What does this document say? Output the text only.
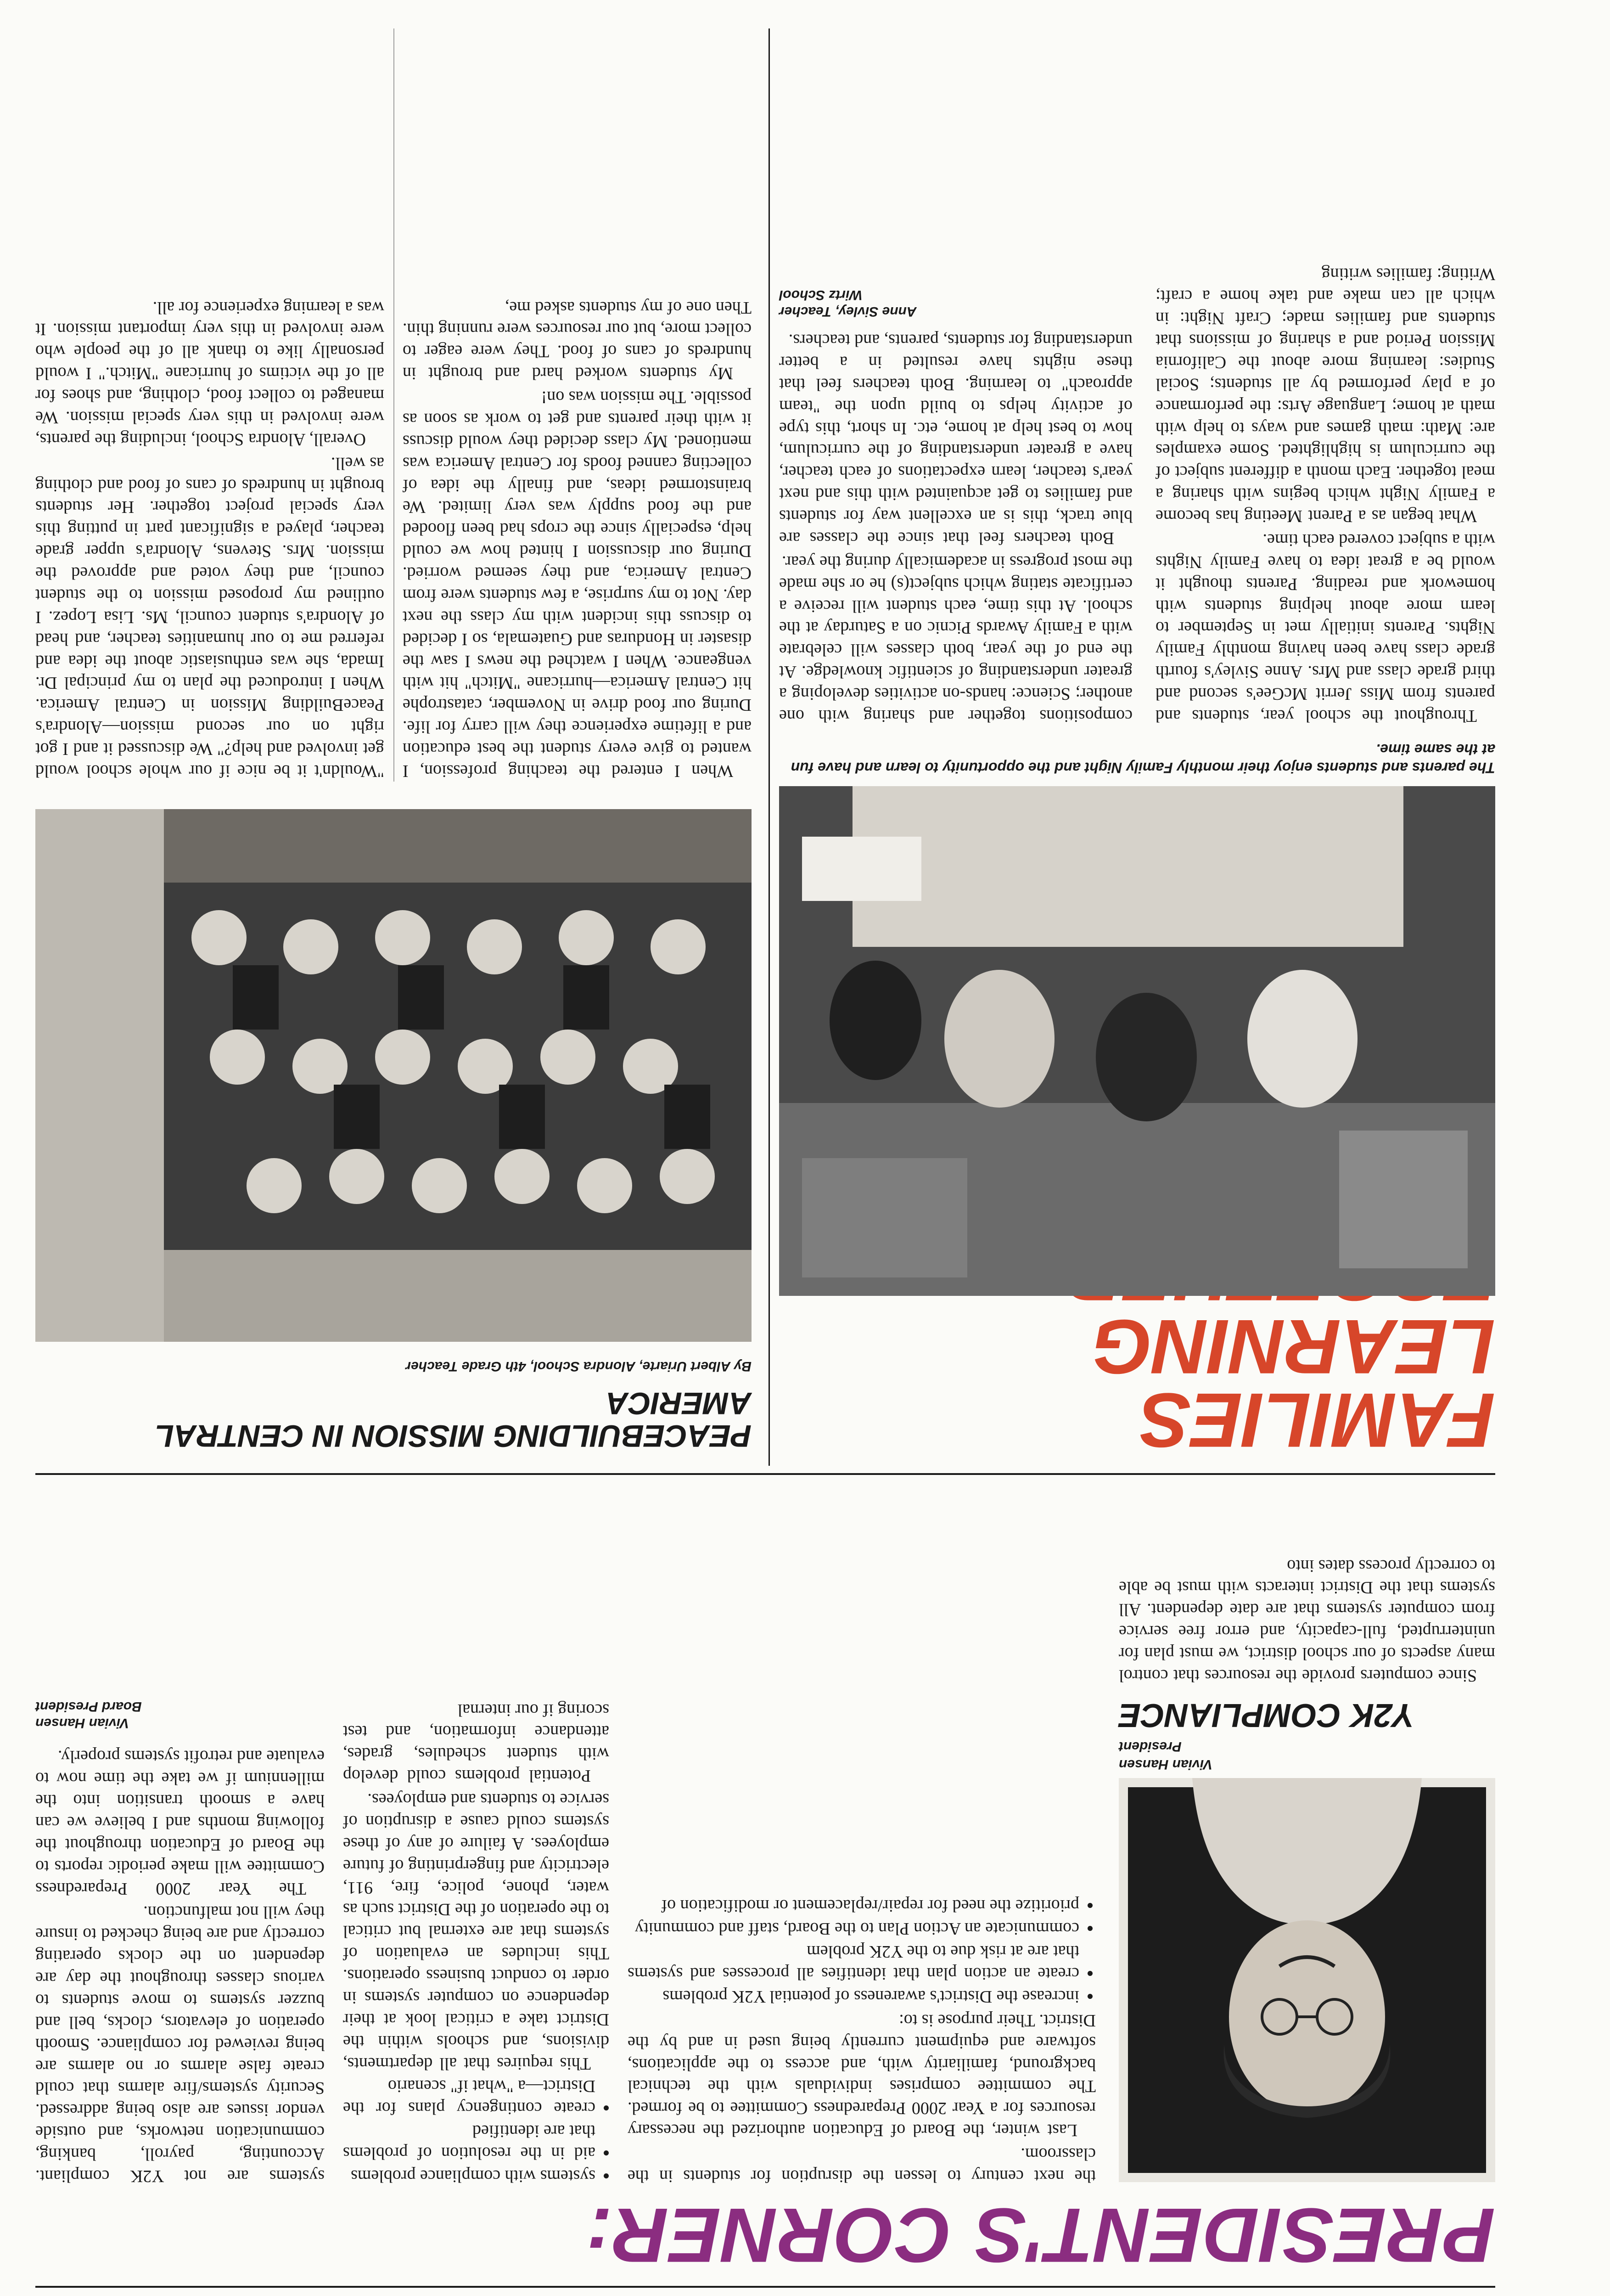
PRESIDENT'S CORNER:
Vivian Hansen
President
Y2K COMPLIANCE

Since computers provide the resources that control many aspects of our school district, we must plan for uninterrupted, full-capacity, and error free service from computer systems that are date dependent. All systems that the District interacts with must be able to correctly process dates into

the next century to lessen the disruption for students in the classroom.

Last winter, the Board of Education authorized the necessary resources for a Year 2000 Preparedness Committee to be formed. The committee comprises individuals with the technical background, familiarity with, and access to the applications, software and equipment currently being used in and by the District. Their purpose is to:

• increase the District's awareness of potential Y2K problems
• create an action plan that identifies all processes and systems that are at risk due to the Y2K problem
• communicate an Action Plan to the Board, staff and community
• prioritize the need for repair/replacement or modification of
• systems with compliance problems
• aid in the resolution of problems that are identified
• create contingency plans for the District—a "what if" scenario

This requires that all departments, divisions, and schools within the District take a critical look at their dependence on computer systems in order to conduct business operations. This includes an evaluation of systems that are external but critical to the operation of the District such as water, phone, police, fire, 911, electricity and fingerprinting of future employees. A failure of any of these systems could cause a disruption of service to students and employees.

Potential problems could develop with student schedules, grades, attendance information, and test scoring if our internal

systems are not Y2K compliant. Accounting, payroll, banking, communication networks, and outside vendor issues are also being addressed. Security systems/fire alarms that could create false alarms or no alarms are being reviewed for compliance. Smooth operation of elevators, clocks, bell and buzzer systems to move students to various classes throughout the day are dependent on the clocks operating correctly and are being checked to insure they will not malfunction.

The Year 2000 Preparedness Committee will make periodic reports to the Board of Education throughout the following months and I believe we can have a smooth transition into the millennium if we take the time now to evaluate and retrofit systems properly.

Vivian Hansen
Board President
FAMILIES LEARNING
The parents and students enjoy their monthly Family Night and the opportunity to learn and have fun at the same time.

Throughout the school year, students and parents from Miss Jerrit McGee's second and third grade class and Mrs. Anne Sivley's fourth grade class have been having monthly Family Nights. Parents initially met in September to learn more about helping students with homework and reading. Parents thought it would be a great idea to have Family Nights with a subject covered each time.

What began as a Parent Meeting has become a Family Night which begins with sharing a meal together. Each month a different subject of the curriculum is highlighted. Some examples are: Math: math games and ways to help with math at home; Language Arts: the performance of a play performed by all students; Social Studies: learning more about the California Mission Period and a sharing of missions that students and families made; Craft Night: in which all can make and take home a craft; Writing: families writing

compositions together and sharing with one another; Science: hands-on activities developing a greater understanding of scientific knowledge. At the end of the year, both classes will celebrate with a Family Awards Picnic on a Saturday at the school. At this time, each student will receive a certificate stating which subject(s) he or she made the most progress in academically during the year.

Both teachers feel that since the classes are blue track, this is an excellent way for students and families to get acquainted with this and next year's teacher, learn expectations of each teacher, have a greater understanding of the curriculum, how to best help at home, etc. In short, this type of activity helps to build upon the "team approach" to learning. Both teachers feel that these nights have resulted in a better understanding for students, parents, and teachers.

Anne Sivley, Teacher
Wirtz School
PEACEBUILDING MISSION IN CENTRAL
AMERICA
By Albert Uriarte, Alondra School, 4th Grade Teacher

When I entered the teaching profession, I wanted to give every student the best education and a lifetime experience they will carry for life. During our food drive in November, catastrophe hit Central America—hurricane "Mitch" hit with vengeance. When I watched the news I saw the disaster in Honduras and Guatemala, so I decided to discuss this incident with my class the next day. Not to my surprise, a few students were from Central America, and they seemed worried. During our discussion I hinted how we could help, especially since the crops had been flooded and the food supply was very limited. We brainstormed ideas, and finally the idea of collecting canned foods for Central America was mentioned. My class decided they would discuss it with their parents and get to work as soon as possible. The mission was on!

My students worked hard and brought in hundreds of cans of food. They were eager to collect more, but our resources were running thin. Then one of my students asked me,

"Wouldn't it be nice if our whole school would get involved and help?" We discussed it and I got right on our second mission—Alondra's PeaceBuilding Mission in Central America. When I introduced the plan to my principal Dr. Imada, she was enthusiastic about the idea and referred me to our humanities teacher, and head of Alondra's student council, Ms. Lisa Lopez. I outlined my proposed mission to the student council, and they voted and approved the mission. Mrs. Stevens, Alondra's upper grade teacher, played a significant part in putting this very special project together. Her students brought in hundreds of cans of food and clothing as well.

Overall, Alondra School, including the parents, were involved in this very special mission. We managed to collect food, clothing, and shoes for all of the victims of hurricane "Mitch." I would personally like to thank all of the people who were involved in this very important mission. It was a learning experience for all.
